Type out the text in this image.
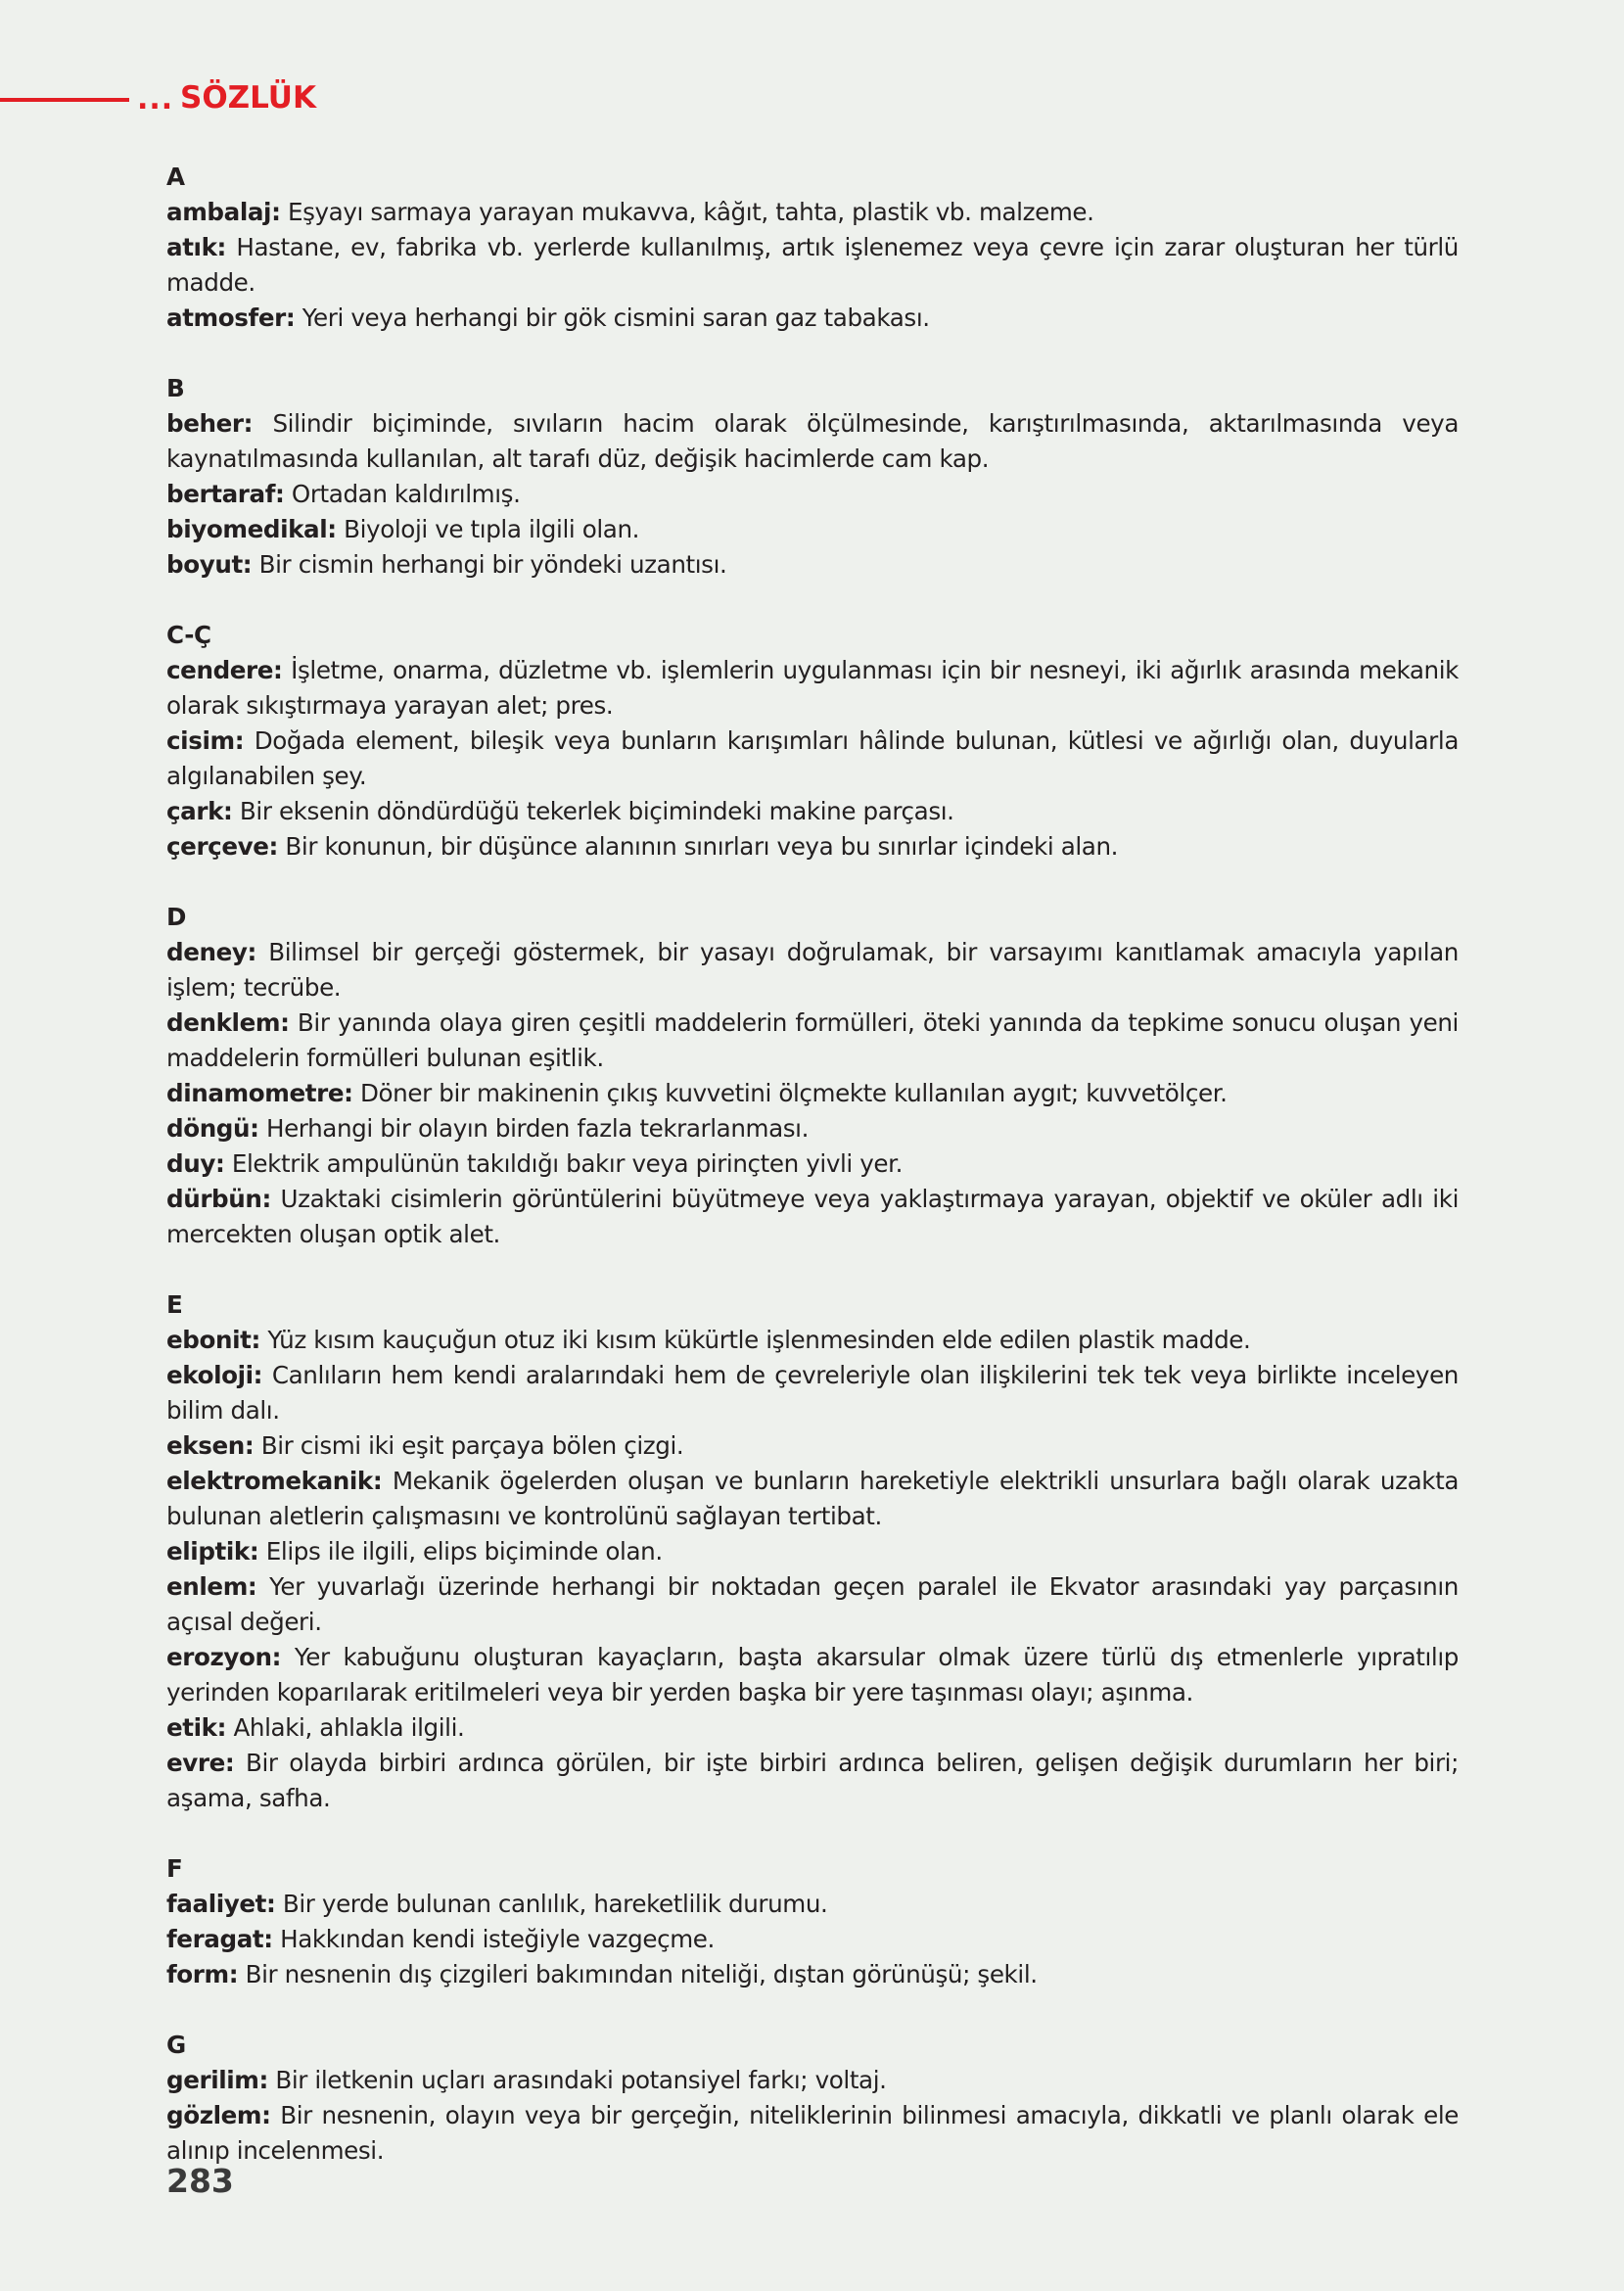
... SÖZLÜK
A
ambalaj: Eşyayı sarmaya yarayan mukavva, kâğıt, tahta, plastik vb. malzeme.
atık: Hastane, ev, fabrika vb. yerlerde kullanılmış, artık işlenemez veya çevre için zarar oluşturan her türlü madde.
atmosfer: Yeri veya herhangi bir gök cismini saran gaz tabakası.
B
beher: Silindir biçiminde, sıvıların hacim olarak ölçülmesinde, karıştırılmasında, aktarılmasında veya kaynatılmasında kullanılan, alt tarafı düz, değişik hacimlerde cam kap.
bertaraf: Ortadan kaldırılmış.
biyomedikal: Biyoloji ve tıpla ilgili olan.
boyut: Bir cismin herhangi bir yöndeki uzantısı.
C-Ç
cendere: İşletme, onarma, düzletme vb. işlemlerin uygulanması için bir nesneyi, iki ağırlık arasında mekanik olarak sıkıştırmaya yarayan alet; pres.
cisim: Doğada element, bileşik veya bunların karışımları hâlinde bulunan, kütlesi ve ağırlığı olan, duyularla algılanabilen şey.
çark: Bir eksenin döndürdüğü tekerlek biçimindeki makine parçası.
çerçeve: Bir konunun, bir düşünce alanının sınırları veya bu sınırlar içindeki alan.
D
deney: Bilimsel bir gerçeği göstermek, bir yasayı doğrulamak, bir varsayımı kanıtlamak amacıyla yapılan işlem; tecrübe.
denklem: Bir yanında olaya giren çeşitli maddelerin formülleri, öteki yanında da tepkime sonucu oluşan yeni maddelerin formülleri bulunan eşitlik.
dinamometre: Döner bir makinenin çıkış kuvvetini ölçmekte kullanılan aygıt; kuvvetölçer.
döngü: Herhangi bir olayın birden fazla tekrarlanması.
duy: Elektrik ampulünün takıldığı bakır veya pirinçten yivli yer.
dürbün: Uzaktaki cisimlerin görüntülerini büyütmeye veya yaklaştırmaya yarayan, objektif ve oküler adlı iki mercekten oluşan optik alet.
E
ebonit: Yüz kısım kauçuğun otuz iki kısım kükürtle işlenmesinden elde edilen plastik madde.
ekoloji: Canlıların hem kendi aralarındaki hem de çevreleriyle olan ilişkilerini tek tek veya birlikte inceleyen bilim dalı.
eksen: Bir cismi iki eşit parçaya bölen çizgi.
elektromekanik: Mekanik ögelerden oluşan ve bunların hareketiyle elektrikli unsurlara bağlı olarak uzakta bulunan aletlerin çalışmasını ve kontrolünü sağlayan tertibat.
eliptik: Elips ile ilgili, elips biçiminde olan.
enlem: Yer yuvarlağı üzerinde herhangi bir noktadan geçen paralel ile Ekvator arasındaki yay parçasının açısal değeri.
erozyon: Yer kabuğunu oluşturan kayaçların, başta akarsular olmak üzere türlü dış etmenlerle yıpratılıp yerinden koparılarak eritilmeleri veya bir yerden başka bir yere taşınması olayı; aşınma.
etik: Ahlaki, ahlakla ilgili.
evre: Bir olayda birbiri ardınca görülen, bir işte birbiri ardınca beliren, gelişen değişik durumların her biri; aşama, safha.
F
faaliyet: Bir yerde bulunan canlılık, hareketlilik durumu.
feragat: Hakkından kendi isteğiyle vazgeçme.
form: Bir nesnenin dış çizgileri bakımından niteliği, dıştan görünüşü; şekil.
G
gerilim: Bir iletkenin uçları arasındaki potansiyel farkı; voltaj.
gözlem: Bir nesnenin, olayın veya bir gerçeğin, niteliklerinin bilinmesi amacıyla, dikkatli ve planlı olarak ele alınıp incelenmesi.
283
